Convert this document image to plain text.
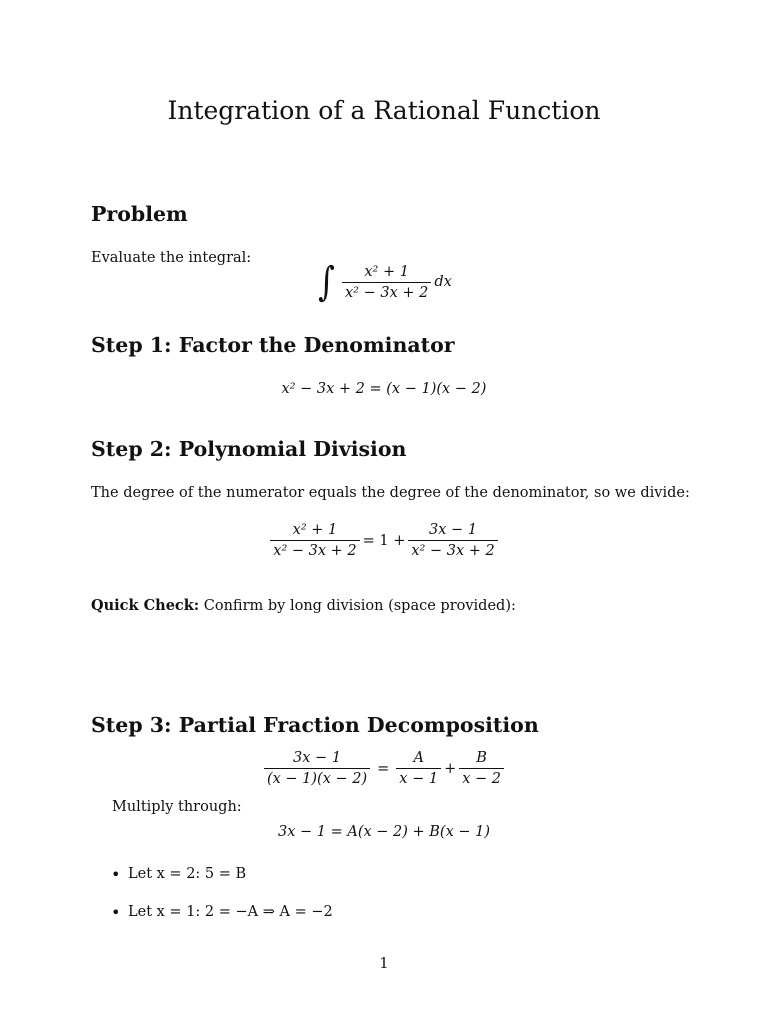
Integration of a Rational Function
Problem
Evaluate the integral:
∫ $\frac{\text{x² + 1}}{\text{x² − 3x + 2}}$ dx
Step 1: Factor the Denominator
x² − 3x + 2 = (x − 1)(x − 2)
Step 2: Polynomial Division
The degree of the numerator equals the degree of the denominator, so we divide:
$\frac{\text{x² + 1}}{\text{x² − 3x + 2}} = 1 + \frac{3x - 1}{\text{x² − 3x + 2}}$
Quick Check: Confirm by long division (space provided):
Step 3: Partial Fraction Decomposition
$\frac{3x - 1}{(x - 1)(x - 2)} = \frac{A}{x - 1} + \frac{B}{x - 2}$
Multiply through:
3x − 1 = A(x − 2) + B(x − 1)
• Let x = 2: 5 = B
• Let x = 1: 2 = −A ⇒ A = −2
1
